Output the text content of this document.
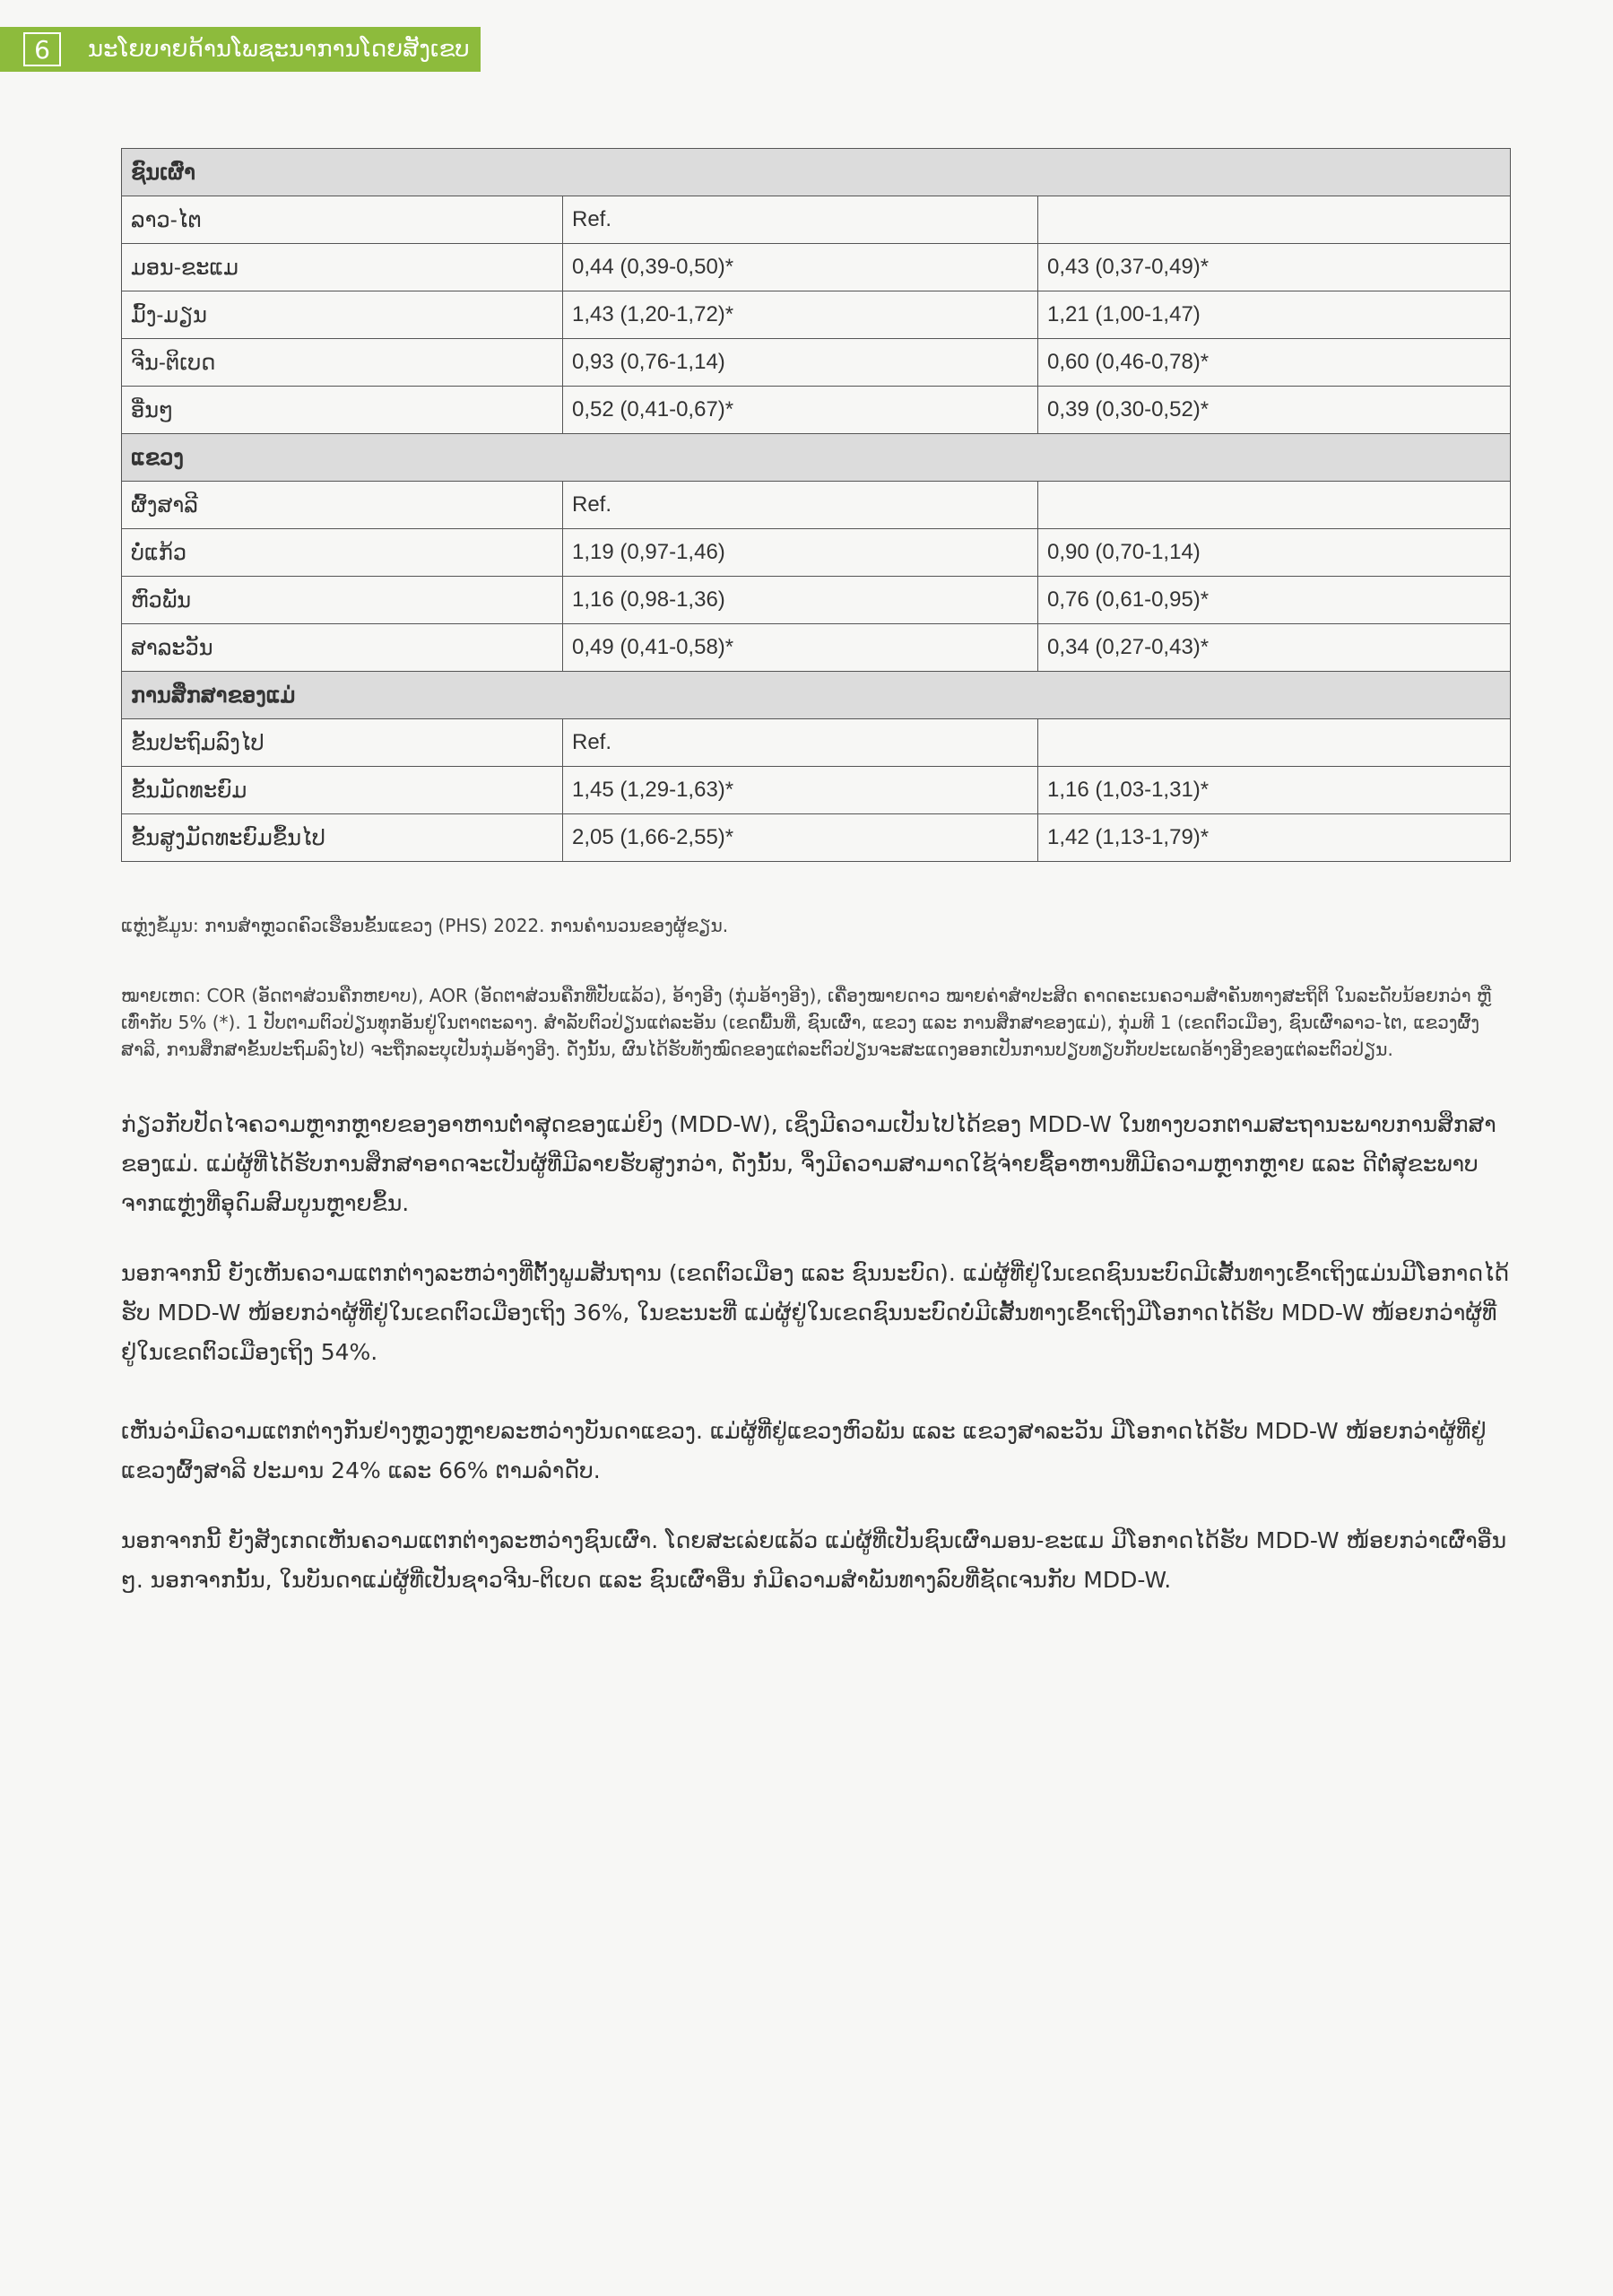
6	ນະໂຍບາຍດ້ານໂພຊະນາການໂດຍສັງເຂບ
ຊົນເຜົ່າ		
ລາວ-ໄຕ	Ref.	
ມອນ-ຂະແມ	0,44 (0,39-0,50)*	0,43 (0,37-0,49)*
ມົ້ງ-ມຽນ	1,43 (1,20-1,72)*	1,21 (1,00-1,47)
ຈີນ-ຕິເບດ	0,93 (0,76-1,14)	0,60 (0,46-0,78)*
ອື່ນໆ	0,52 (0,41-0,67)*	0,39 (0,30-0,52)*
ແຂວງ		
ຜົ້ງສາລີ	Ref.	
ບໍ່ແກ້ວ	1,19 (0,97-1,46)	0,90 (0,70-1,14)
ຫົວພັນ	1,16 (0,98-1,36)	0,76 (0,61-0,95)*
ສາລະວັນ	0,49 (0,41-0,58)*	0,34 (0,27-0,43)*
ການສຶກສາຂອງແມ່		
ຂັ້ນປະຖົມລົງໄປ	Ref.	
ຂັ້ນມັດທະຍົມ	1,45 (1,29-1,63)*	1,16 (1,03-1,31)*
ຂັ້ນສູງມັດທະຍົມຂຶ້ນໄປ	2,05 (1,66-2,55)*	1,42 (1,13-1,79)*
ແຫຼ່ງຂໍ້ມູນ: ການສຳຫຼວດຄົວເຮືອນຂັ້ນແຂວງ (PHS) 2022. ການຄຳນວນຂອງຜູ້ຂຽນ.
ໝາຍເຫດ: COR (ອັດຕາສ່ວນຄືກຫຍາບ), AOR (ອັດຕາສ່ວນຄືກທີ່ປັບແລ້ວ), ອ້າງອີງ (ກຸ່ມອ້າງອີງ), ເຄື່ອງໝາຍດາວ ໝາຍຄ່າສຳປະສິດ ຄາດຄະເນຄວາມສຳຄັນທາງສະຖິຕິ ໃນລະດັບນ້ອຍກວ່າ ຫຼື ເທົ່າກັບ 5% (*). 1 ປັບຕາມຕົວປ່ຽນທຸກອັນຢູ່ໃນຕາຕະລາງ. ສຳລັບຕົວປ່ຽນແຕ່ລະອັນ (ເຂດພື້ນທີ່, ຊົນເຜົ່າ, ແຂວງ ແລະ ການສຶກສາຂອງແມ່), ກຸ່ມທີ 1 (ເຂດຕົວເມືອງ, ຊົນເຜົ່າລາວ-ໄຕ, ແຂວງຜົ້ງສາລີ, ການສຶກສາຂັ້ນປະຖົມລົງໄປ) ຈະຖືກລະບຸເປັນກຸ່ມອ້າງອີງ. ດັ່ງນັ້ນ, ຜົນໄດ້ຮັບທັງໝົດຂອງແຕ່ລະຕົວປ່ຽນຈະສະແດງອອກເປັນການປຽບທຽບກັບປະເພດອ້າງອີງຂອງແຕ່ລະຕົວປ່ຽນ.

ກ່ຽວກັບປັດໄຈຄວາມຫຼາກຫຼາຍຂອງອາຫານຕ່ຳສຸດຂອງແມ່ຍິງ (MDD-W), ເຊິ່ງມີຄວາມເປັນໄປໄດ້ຂອງ MDD-W ໃນທາງບວກຕາມສະຖານະພາບການສຶກສາຂອງແມ່. ແມ່ຜູ້ທີ່ໄດ້ຮັບການສຶກສາອາດຈະເປັນຜູ້ທີ່ມີລາຍຮັບສູງກວ່າ, ດັ່ງນັ້ນ, ຈຶ່ງມີຄວາມສາມາດໃຊ້ຈ່າຍຊື້ອາຫານທີ່ມີຄວາມຫຼາກຫຼາຍ ແລະ ດີຕໍ່ສຸຂະພາບ ຈາກແຫຼ່ງທີ່ອຸດົມສົມບູນຫຼາຍຂຶ້ນ.

ນອກຈາກນີ້ ຍັງເຫັນຄວາມແຕກຕ່າງລະຫວ່າງທີ່ຕັ້ງພູມສັນຖານ (ເຂດຕົວເມືອງ ແລະ ຊົນນະບົດ). ແມ່ຜູ້ທີ່ຢູ່ໃນເຂດຊົນນະບົດມີເສັ້ນທາງເຂົ້າເຖິງແມ່ນມີໂອກາດໄດ້ຮັບ MDD-W ໜ້ອຍກວ່າຜູ້ທີ່ຢູ່ໃນເຂດຕົວເມືອງເຖິງ 36%, ໃນຂະນະທີ່ ແມ່ຜູ້ຢູ່ໃນເຂດຊົນນະບົດບໍ່ມີເສັ້ນທາງເຂົ້າເຖິງມີໂອກາດໄດ້ຮັບ MDD-W ໜ້ອຍກວ່າຜູ້ທີ່ຢູ່ໃນເຂດຕົວເມືອງເຖິງ 54%.

ເຫັນວ່າມີຄວາມແຕກຕ່າງກັນຢ່າງຫຼວງຫຼາຍລະຫວ່າງບັນດາແຂວງ. ແມ່ຜູ້ທີ່ຢູ່ແຂວງຫົວພັນ ແລະ ແຂວງສາລະວັນ ມີໂອກາດໄດ້ຮັບ MDD-W ໜ້ອຍກວ່າຜູ້ທີ່ຢູ່ແຂວງຜົ້ງສາລີ ປະມານ 24% ແລະ 66% ຕາມລຳດັບ.

ນອກຈາກນີ້ ຍັງສັງເກດເຫັນຄວາມແຕກຕ່າງລະຫວ່າງຊົນເຜົ່າ. ໂດຍສະເລ່ຍແລ້ວ ແມ່ຜູ້ທີ່ເປັນຊົນເຜົ່າມອນ-ຂະແມ ມີໂອກາດໄດ້ຮັບ MDD-W ໜ້ອຍກວ່າເຜົ່າອື່ນໆ. ນອກຈາກນັ້ນ, ໃນບັນດາແມ່ຜູ້ທີ່ເປັນຊາວຈີນ-ຕິເບດ ແລະ ຊົນເຜົ່າອື່ນ ກໍມີຄວາມສຳພັນທາງລົບທີ່ຊັດເຈນກັບ MDD-W.
